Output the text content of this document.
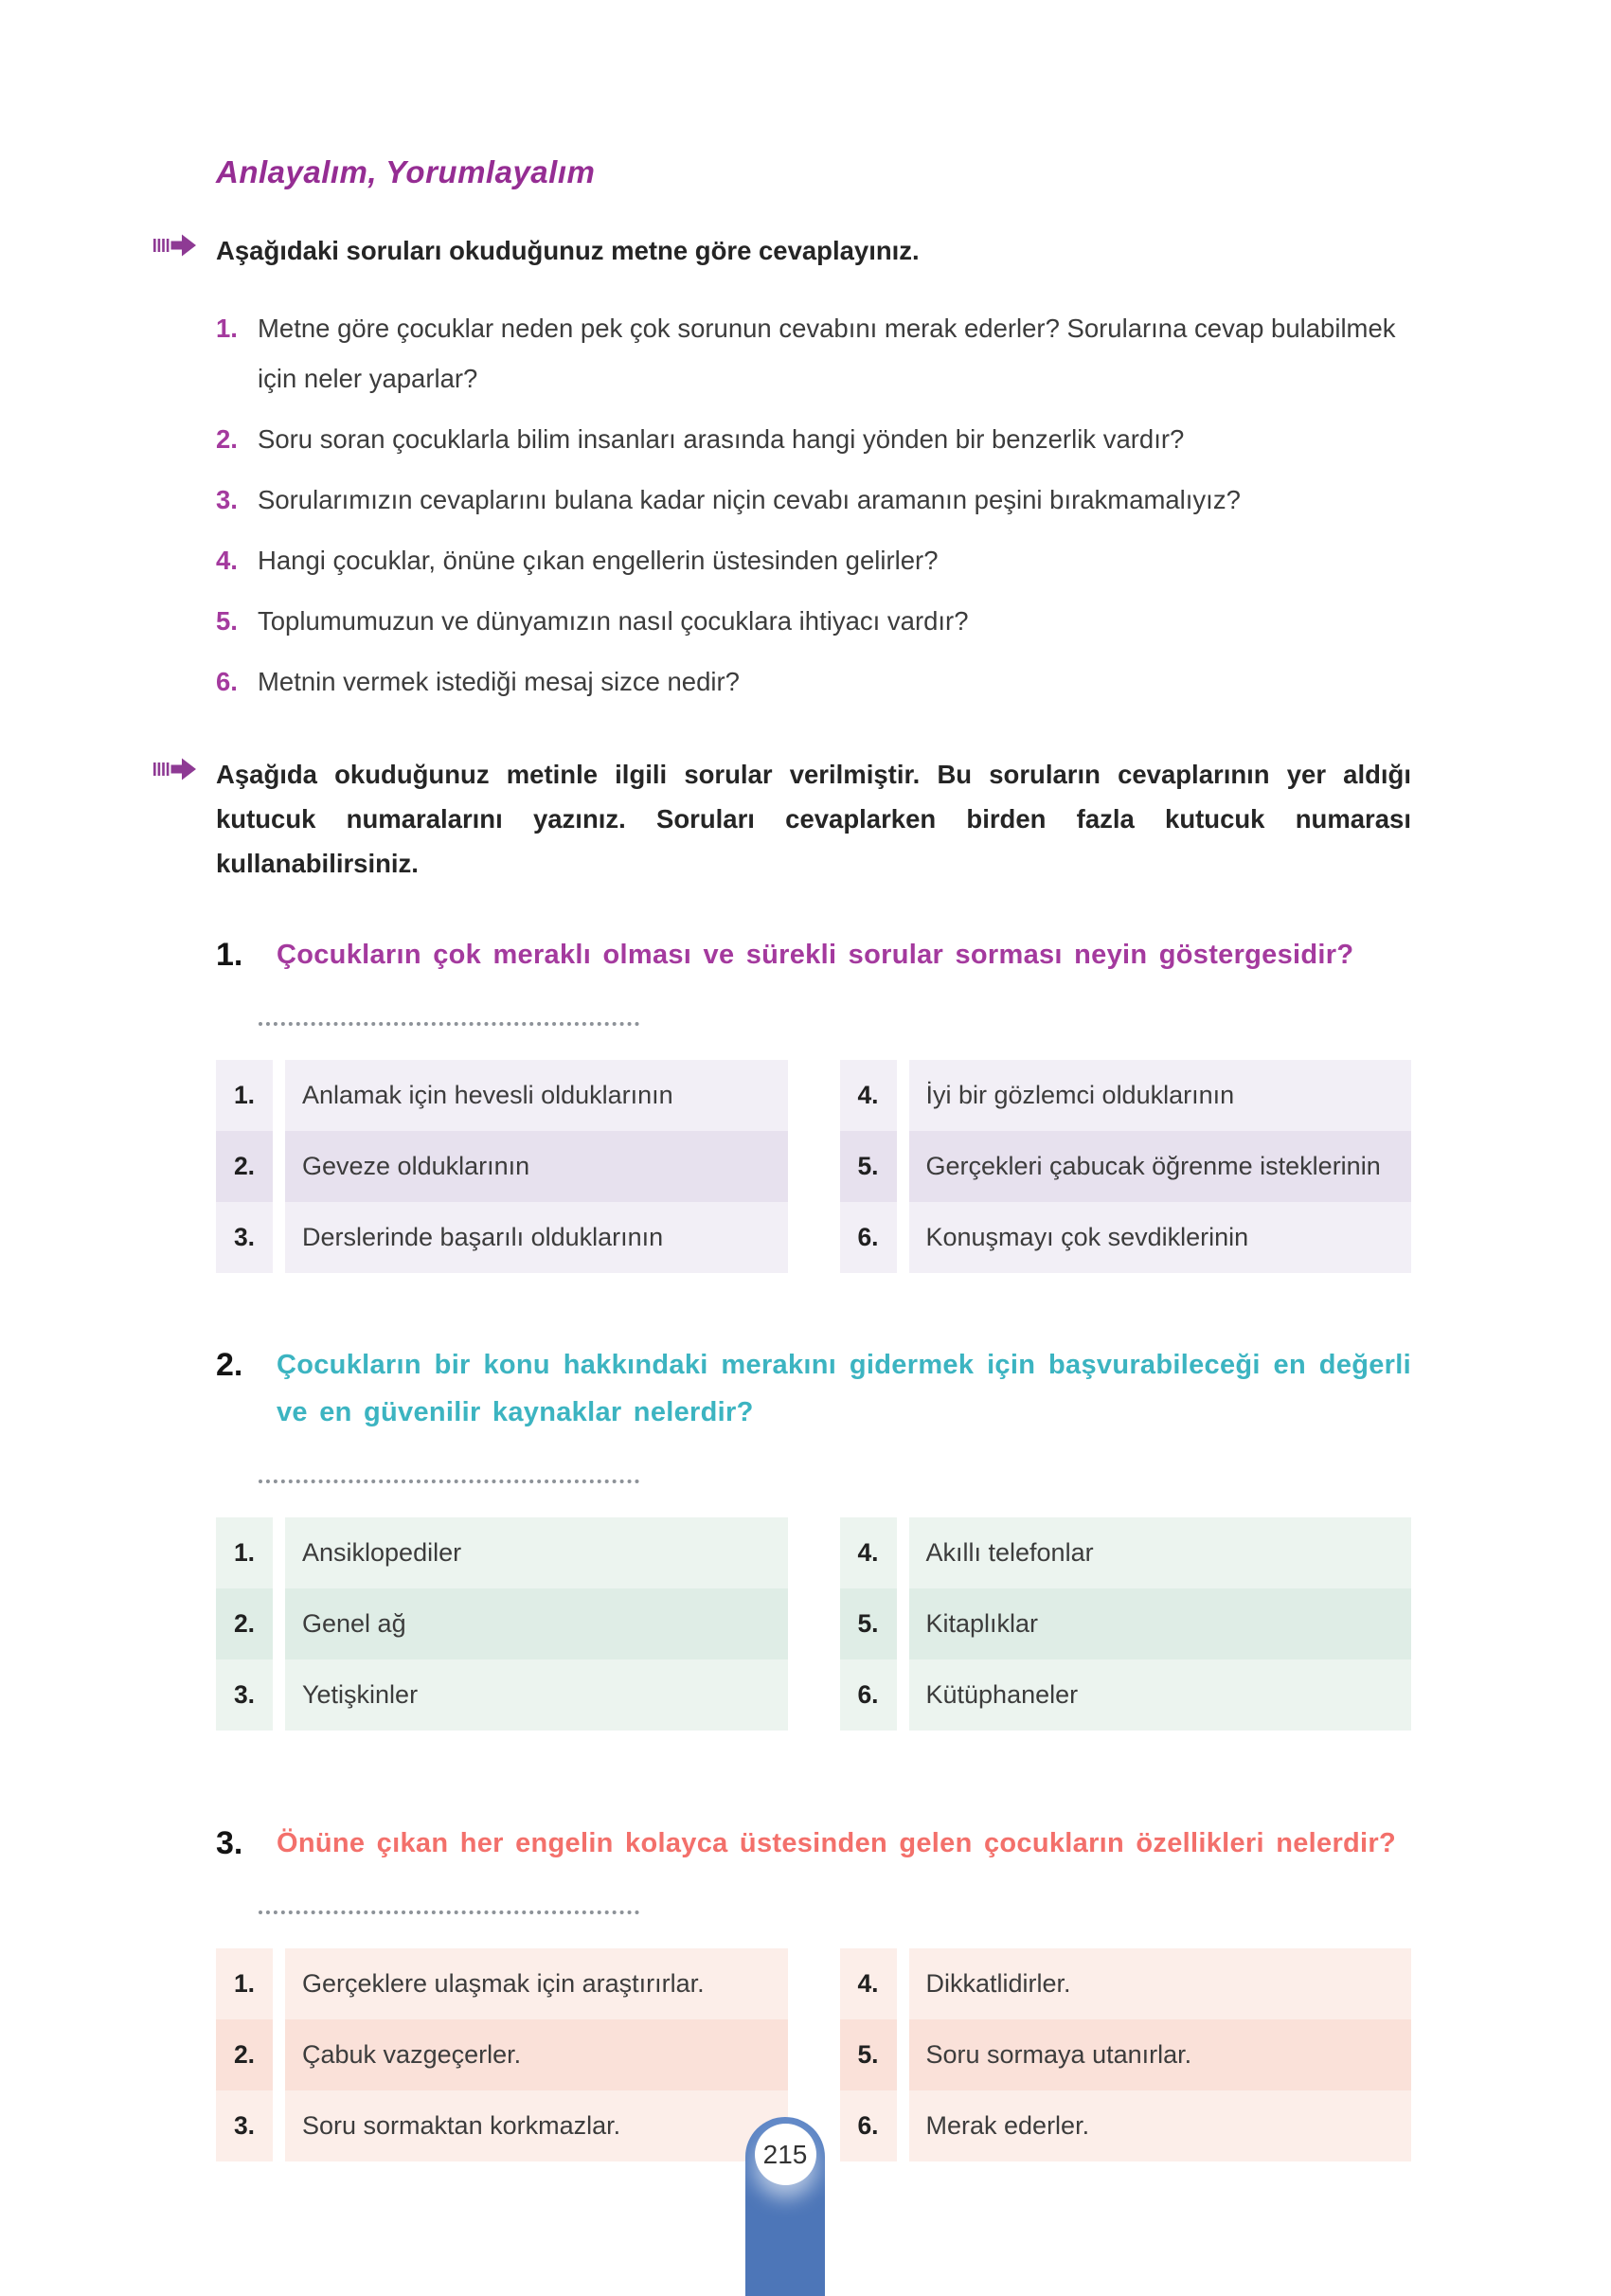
Anlayalım, Yorumlayalım

Aşağıdaki soruları okuduğunuz metne göre cevaplayınız.

1. Metne göre çocuklar neden pek çok sorunun cevabını merak ederler? Sorularına cevap bulabilmek için neler yaparlar?
2. Soru soran çocuklarla bilim insanları arasında hangi yönden bir benzerlik vardır?
3. Sorularımızın cevaplarını bulana kadar niçin cevabı aramanın peşini bırakmamalıyız?
4. Hangi çocuklar, önüne çıkan engellerin üstesinden gelirler?
5. Toplumumuzun ve dünyamızın nasıl çocuklara ihtiyacı vardır?
6. Metnin vermek istediği mesaj sizce nedir?

Aşağıda okuduğunuz metinle ilgili sorular verilmiştir. Bu soruların cevaplarının yer aldığı kutucuk numaralarını yazınız. Soruları cevaplarken birden fazla kutucuk numarası kullanabilirsiniz.

1.	Çocukların çok meraklı olması ve sürekli sorular sorması neyin göstergesidir?
1.	Anlamak için hevesli olduklarının
2.	Geveze olduklarının
3.	Derslerinde başarılı olduklarının
4.	İyi bir gözlemci olduklarının
5.	Gerçekleri çabucak öğrenme isteklerinin
6.	Konuşmayı çok sevdiklerinin
2.	Çocukların bir konu hakkındaki merakını gidermek için başvurabileceği en değerli ve en güvenilir kaynaklar nelerdir?
1.	Ansiklopediler
2.	Genel ağ
3.	Yetişkinler
4.	Akıllı telefonlar
5.	Kitaplıklar
6.	Kütüphaneler
3.	Önüne çıkan her engelin kolayca üstesinden gelen çocukların özellikleri nelerdir?
1.	Gerçeklere ulaşmak için araştırırlar.
2.	Çabuk vazgeçerler.
3.	Soru sormaktan korkmazlar.
4.	Dikkatlidirler.
5.	Soru sormaya utanırlar.
6.	Merak ederler.
215
